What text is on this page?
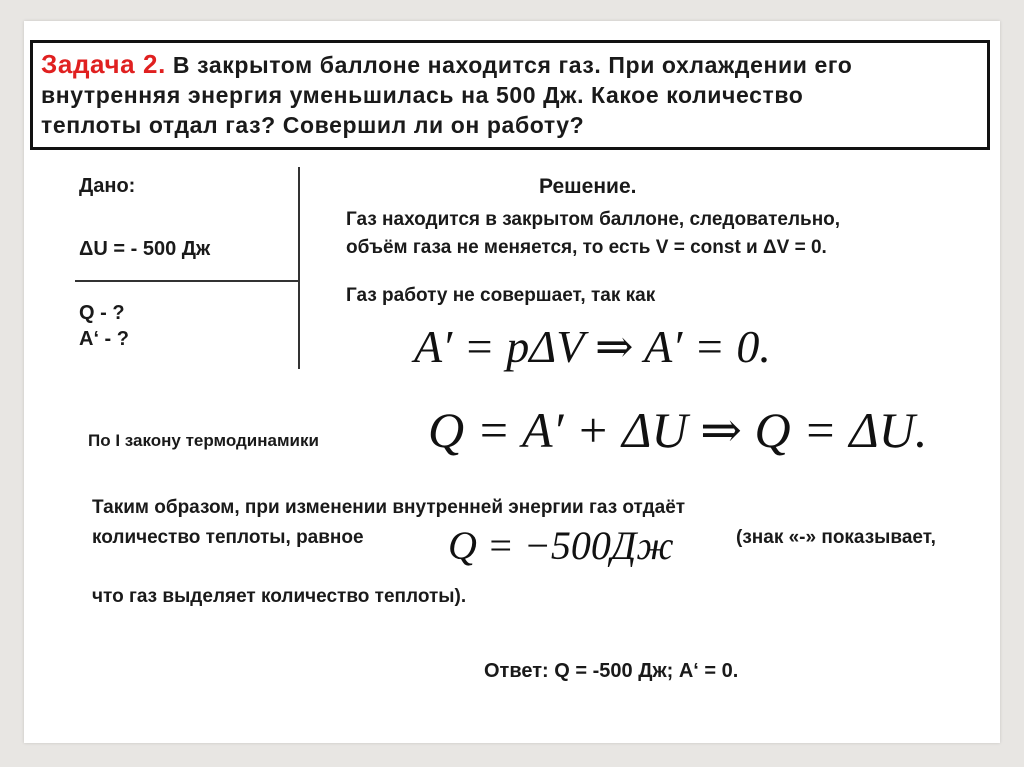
Задача 2. В закрытом баллоне находится газ. При охлаждении его
внутренняя энергия уменьшилась на 500 Дж. Какое количество
теплоты отдал газ? Совершил ли он работу?
Дано:
ΔU = - 500 Дж
Q - ?
A‘ - ?
Решение.
Газ находится в закрытом баллоне, следовательно,
объём газа не меняется, то есть V = const и ΔV = 0.
Газ работу не совершает, так как
A′ = pΔV ⇒ A′ = 0.
По I закону термодинамики Q = A′ + ΔU ⇒ Q = ΔU.
Таким образом, при изменении внутренней энергии газ отдаёт
количество теплоты, равное Q = −500Дж	(знак «-» показывает,
что газ выделяет количество теплоты).
Ответ: Q = -500 Дж; A‘ = 0.
